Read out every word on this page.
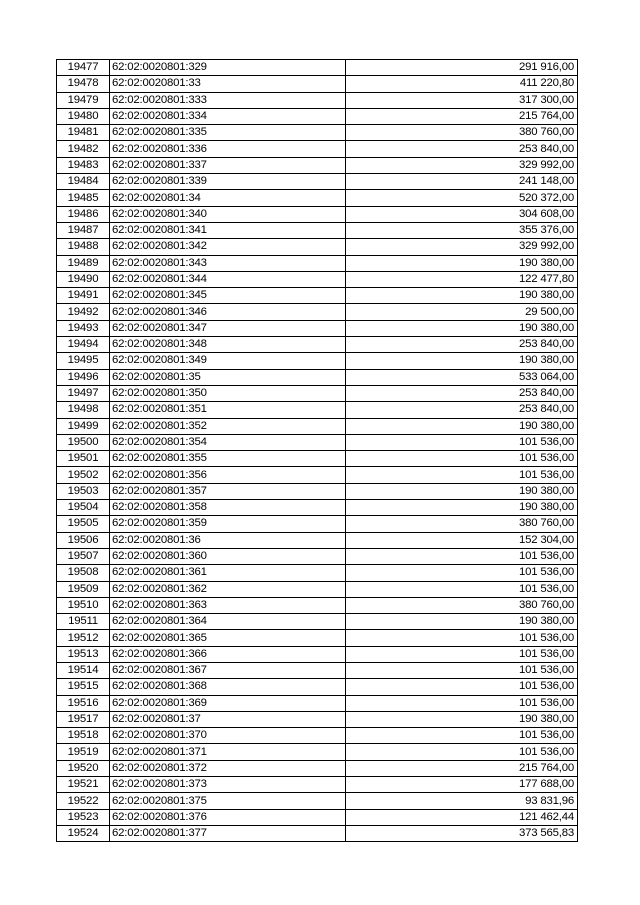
19477	62:02:0020801:329	291 916,00
19478	62:02:0020801:33	411 220,80
19479	62:02:0020801:333	317 300,00
19480	62:02:0020801:334	215 764,00
19481	62:02:0020801:335	380 760,00
19482	62:02:0020801:336	253 840,00
19483	62:02:0020801:337	329 992,00
19484	62:02:0020801:339	241 148,00
19485	62:02:0020801:34	520 372,00
19486	62:02:0020801:340	304 608,00
19487	62:02:0020801:341	355 376,00
19488	62:02:0020801:342	329 992,00
19489	62:02:0020801:343	190 380,00
19490	62:02:0020801:344	122 477,80
19491	62:02:0020801:345	190 380,00
19492	62:02:0020801:346	29 500,00
19493	62:02:0020801:347	190 380,00
19494	62:02:0020801:348	253 840,00
19495	62:02:0020801:349	190 380,00
19496	62:02:0020801:35	533 064,00
19497	62:02:0020801:350	253 840,00
19498	62:02:0020801:351	253 840,00
19499	62:02:0020801:352	190 380,00
19500	62:02:0020801:354	101 536,00
19501	62:02:0020801:355	101 536,00
19502	62:02:0020801:356	101 536,00
19503	62:02:0020801:357	190 380,00
19504	62:02:0020801:358	190 380,00
19505	62:02:0020801:359	380 760,00
19506	62:02:0020801:36	152 304,00
19507	62:02:0020801:360	101 536,00
19508	62:02:0020801:361	101 536,00
19509	62:02:0020801:362	101 536,00
19510	62:02:0020801:363	380 760,00
19511	62:02:0020801:364	190 380,00
19512	62:02:0020801:365	101 536,00
19513	62:02:0020801:366	101 536,00
19514	62:02:0020801:367	101 536,00
19515	62:02:0020801:368	101 536,00
19516	62:02:0020801:369	101 536,00
19517	62:02:0020801:37	190 380,00
19518	62:02:0020801:370	101 536,00
19519	62:02:0020801:371	101 536,00
19520	62:02:0020801:372	215 764,00
19521	62:02:0020801:373	177 688,00
19522	62:02:0020801:375	93 831,96
19523	62:02:0020801:376	121 462,44
19524	62:02:0020801:377	373 565,83
